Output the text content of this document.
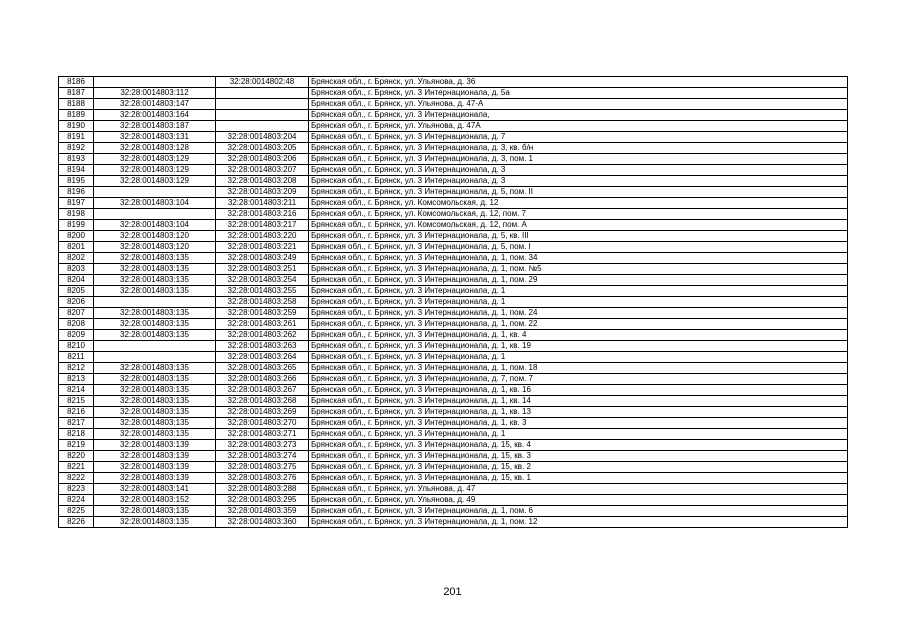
8186		32:28:0014802:48	Брянская обл., г. Брянск, ул. Ульянова, д. 36
8187	32:28:0014803:112		Брянская обл., г. Брянск, ул. 3 Интернационала, д. 5а
8188	32:28:0014803:147		Брянская обл., г. Брянск, ул. Ульянова, д. 47-А
8189	32:28:0014803:164		Брянская обл., г. Брянск, ул. 3 Интернационала,
8190	32:28:0014803:187		Брянская обл., г. Брянск, ул. Ульянова, д. 47А
8191	32:28:0014803:131	32:28:0014803:204	Брянская обл., г. Брянск, ул. 3 Интернационала, д. 7
8192	32:28:0014803:128	32:28:0014803:205	Брянская обл., г. Брянск, ул. 3 Интернационала, д. 3, кв. б/н
8193	32:28:0014803:129	32:28:0014803:206	Брянская обл., г. Брянск, ул. 3 Интернационала, д. 3, пом. 1
8194	32:28:0014803:129	32:28:0014803:207	Брянская обл., г. Брянск, ул. 3 Интернационала, д. 3
8195	32:28:0014803:129	32:28:0014803:208	Брянская обл., г. Брянск, ул. 3 Интернационала, д. 3
8196		32:28:0014803:209	Брянская обл., г. Брянск, ул. 3 Интернационала, д. 5, пом. II
8197	32:28:0014803:104	32:28:0014803:211	Брянская обл., г. Брянск, ул. Комсомольская, д. 12
8198		32:28:0014803:216	Брянская обл., г. Брянск, ул. Комсомольская, д. 12, пом. 7
8199	32:28:0014803:104	32:28:0014803:217	Брянская обл., г. Брянск, ул. Комсомольская, д. 12, пом. А
8200	32:28:0014803:120	32:28:0014803:220	Брянская обл., г. Брянск, ул. 3 Интернационала, д. 5, кв. III
8201	32:28:0014803:120	32:28:0014803:221	Брянская обл., г. Брянск, ул. 3 Интернационала, д. 5, пом. I
8202	32:28:0014803:135	32:28:0014803:249	Брянская обл., г. Брянск, ул. 3 Интернационала, д. 1, пом. 34
8203	32:28:0014803:135	32:28:0014803:251	Брянская обл., г. Брянск, ул. 3 Интернационала, д. 1, пом. №5
8204	32:28:0014803:135	32:28:0014803:254	Брянская обл., г. Брянск, ул. 3 Интернационала, д. 1, пом. 29
8205	32:28:0014803:135	32:28:0014803:255	Брянская обл., г. Брянск, ул. 3 Интернационала, д. 1
8206		32:28:0014803:258	Брянская обл., г. Брянск, ул. 3 Интернационала, д. 1
8207	32:28:0014803:135	32:28:0014803:259	Брянская обл., г. Брянск, ул. 3 Интернационала, д. 1, пом. 24
8208	32:28:0014803:135	32:28:0014803:261	Брянская обл., г. Брянск, ул. 3 Интернационала, д. 1, пом. 22
8209	32:28:0014803:135	32:28:0014803:262	Брянская обл., г. Брянск, ул. 3 Интернационала, д. 1, кв. 4
8210		32:28:0014803:263	Брянская обл., г. Брянск, ул. 3 Интернационала, д. 1, кв. 19
8211		32:28:0014803:264	Брянская обл., г. Брянск, ул. 3 Интернационала, д. 1
8212	32:28:0014803:135	32:28:0014803:265	Брянская обл., г. Брянск, ул. 3 Интернационала, д. 1, пом. 18
8213	32:28:0014803:135	32:28:0014803:266	Брянская обл., г. Брянск, ул. 3 Интернационала, д. 7, пом. 7
8214	32:28:0014803:135	32:28:0014803:267	Брянская обл., г. Брянск, ул. 3 Интернационала, д. 1, кв. 16
8215	32:28:0014803:135	32:28:0014803:268	Брянская обл., г. Брянск, ул. 3 Интернационала, д. 1, кв. 14
8216	32:28:0014803:135	32:28:0014803:269	Брянская обл., г. Брянск, ул. 3 Интернационала, д. 1, кв. 13
8217	32:28:0014803:135	32:28:0014803:270	Брянская обл., г. Брянск, ул. 3 Интернационала, д. 1, кв. 3
8218	32:28:0014803:135	32:28:0014803:271	Брянская обл., г. Брянск, ул. 3 Интернационала, д. 1
8219	32:28:0014803:139	32:28:0014803:273	Брянская обл., г. Брянск, ул. 3 Интернационала, д. 15, кв. 4
8220	32:28:0014803:139	32:28:0014803:274	Брянская обл., г. Брянск, ул. 3 Интернационала, д. 15, кв. 3
8221	32:28:0014803:139	32:28:0014803:275	Брянская обл., г. Брянск, ул. 3 Интернационала, д. 15, кв. 2
8222	32:28:0014803:139	32:28:0014803:276	Брянская обл., г. Брянск, ул. 3 Интернационала, д. 15, кв. 1
8223	32:28:0014803:141	32:28:0014803:288	Брянская обл., г. Брянск, ул. Ульянова, д. 47
8224	32:28:0014803:152	32:28:0014803:295	Брянская обл., г. Брянск, ул. Ульянова, д. 49
8225	32:28:0014803:135	32:28:0014803:359	Брянская обл., г. Брянск, ул. 3 Интернационала, д. 1, пом. 6
8226	32:28:0014803:135	32:28:0014803:360	Брянская обл., г. Брянск, ул. 3 Интернационала, д. 1, пом. 12
201
